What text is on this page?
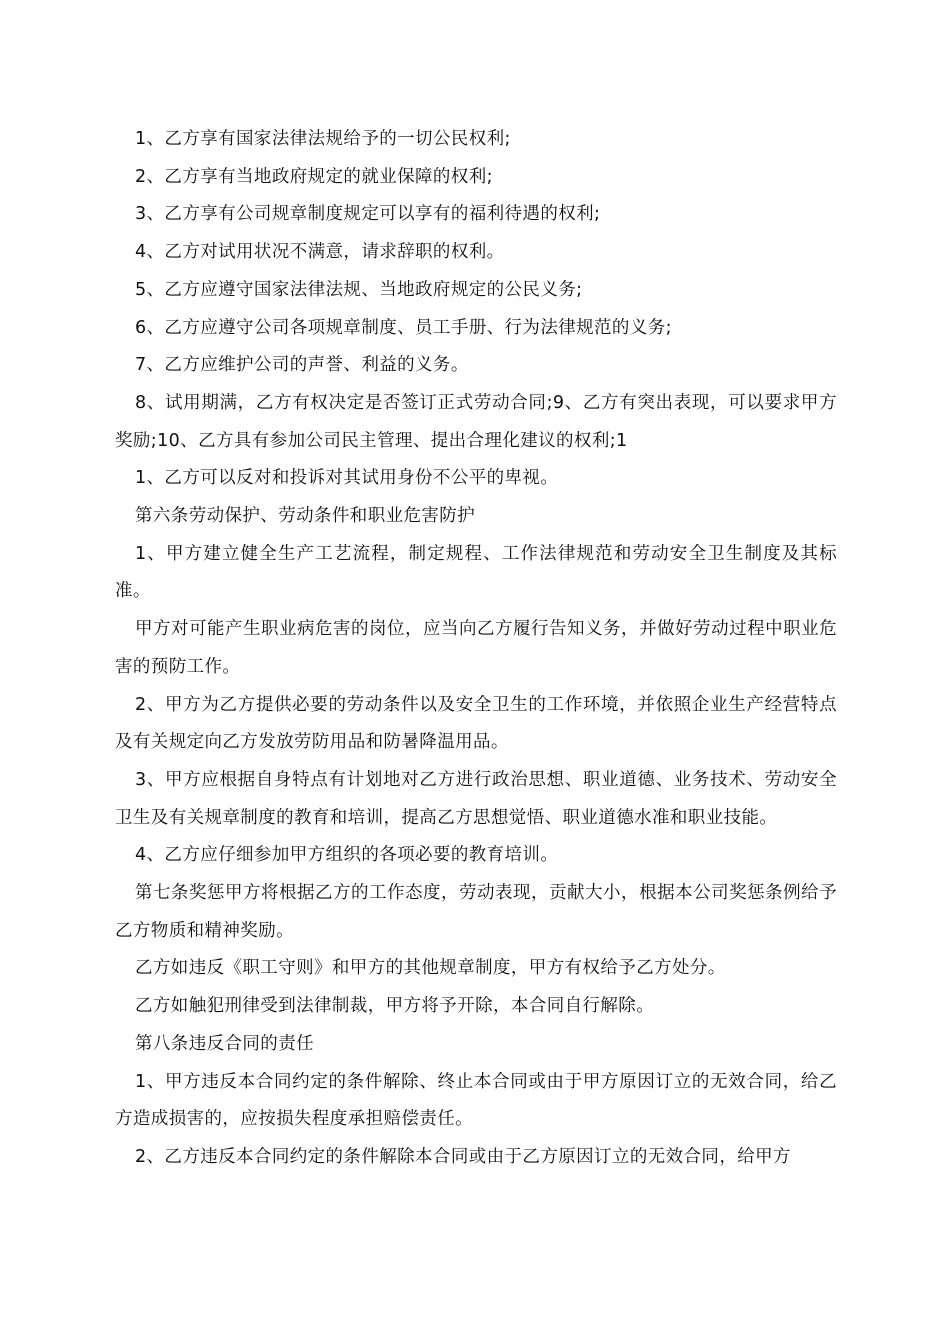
1、乙方享有国家法律法规给予的一切公民权利;

2、乙方享有当地政府规定的就业保障的权利;

3、乙方享有公司规章制度规定可以享有的福利待遇的权利;

4、乙方对试用状况不满意，请求辞职的权利。

5、乙方应遵守国家法律法规、当地政府规定的公民义务;

6、乙方应遵守公司各项规章制度、员工手册、行为法律规范的义务;

7、乙方应维护公司的声誉、利益的义务。

8、试用期满，乙方有权决定是否签订正式劳动合同;9、乙方有突出表现，可以要求甲方奖励;10、乙方具有参加公司民主管理、提出合理化建议的权利;1

1、乙方可以反对和投诉对其试用身份不公平的卑视。

第六条劳动保护、劳动条件和职业危害防护

1、甲方建立健全生产工艺流程，制定规程、工作法律规范和劳动安全卫生制度及其标准。

甲方对可能产生职业病危害的岗位，应当向乙方履行告知义务，并做好劳动过程中职业危害的预防工作。

2、甲方为乙方提供必要的劳动条件以及安全卫生的工作环境，并依照企业生产经营特点及有关规定向乙方发放劳防用品和防暑降温用品。

3、甲方应根据自身特点有计划地对乙方进行政治思想、职业道德、业务技术、劳动安全卫生及有关规章制度的教育和培训，提高乙方思想觉悟、职业道德水准和职业技能。

4、乙方应仔细参加甲方组织的各项必要的教育培训。

第七条奖惩甲方将根据乙方的工作态度，劳动表现，贡献大小，根据本公司奖惩条例给予乙方物质和精神奖励。

乙方如违反《职工守则》和甲方的其他规章制度，甲方有权给予乙方处分。

乙方如触犯刑律受到法律制裁，甲方将予开除，本合同自行解除。

第八条违反合同的责任

1、甲方违反本合同约定的条件解除、终止本合同或由于甲方原因订立的无效合同，给乙方造成损害的，应按损失程度承担赔偿责任。

2、乙方违反本合同约定的条件解除本合同或由于乙方原因订立的无效合同，给甲方
